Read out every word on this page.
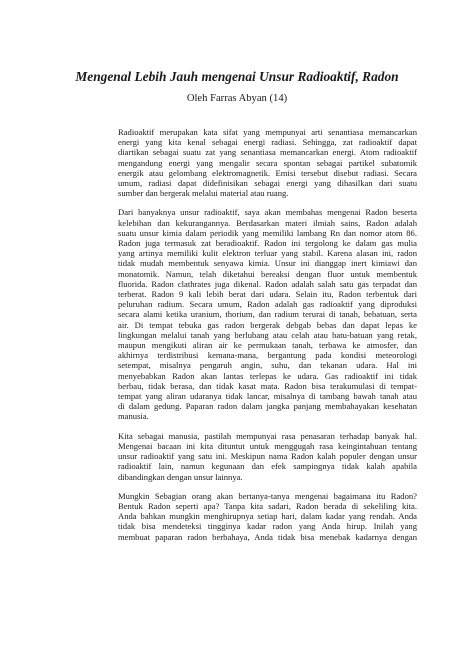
Mengenal Lebih Jauh mengenai Unsur Radioaktif, Radon

Oleh Farras Abyan (14)

Radioaktif merupakan kata sifat yang mempunyai arti senantiasa memancarkan
energi yang kita kenal sebagai energi radiasi. Sehingga, zat radioaktif dapat
diartikan sebagai suatu zat yang senantiasa memancarkan energi. Atom radioaktif
mengandung energi yang mengalir secara spontan sebagai partikel subatomik
energik atau gelombang elektromagnetik. Emisi tersebut disebut radiasi. Secara
umum, radiasi dapat didefinisikan sebagai energi yang dihasilkan dari suatu
sumber dan bergerak melalui material atau ruang.

Dari banyaknya unsur radioaktif, saya akan membahas mengenai Radon beserta
kelebihan dan kekurangannya. Berdasarkan materi ilmiah sains, Radon adalah
suatu unsur kimia dalam periodik yang memiliki lambang Rn dan nomor atom 86.
Radon juga termasuk zat beradioaktif. Radon ini tergolong ke dalam gas mulia
yang artinya memiliki kulit elektron terluar yang stabil. Karena alasan ini, radon
tidak mudah membentuk senyawa kimia. Unsur ini dianggap inert kimiawi dan
monatomik. Namun, telah diketahui bereaksi dengan fluor untuk membentuk
fluorida. Radon clathrates juga dikenal. Radon adalah salah satu gas terpadat dan
terberat. Radon 9 kali lebih berat dari udara. Selain itu, Radon terbentuk dari
peluruhan radium. Secara umum, Radon adalah gas radioaktif yang diproduksi
secara alami ketika uranium, thorium, dan radium terurai di tanah, bebatuan, serta
air. Di tempat tebuka gas radon bergerak debgab bebas dan dapat lepas ke
lingkungan melalui tanah yang berlubang atau celah atau batu-batuan yang retak,
maupun mengikuti aliran air ke permukaan tanah, terbawa ke atmosfer, dan
akhirnya terdistribusi kemana-mana, bergantung pada kondisi meteorologi
setempat, misalnya pengaruh angin, suhu, dan tekanan udara. Hal ini
menyebabkan Radon akan lantas terlepas ke udara. Gas radioaktif ini tidak
berbau, tidak berasa, dan tidak kasat mata. Radon bisa terakumulasi di tempat-
tempat yang aliran udaranya tidak lancar, misalnya di tambang bawah tanah atau
di dalam gedung. Paparan radon dalam jangka panjang membahayakan kesehatan
manusia.

Kita sebagai manusia, pastilah mempunyai rasa penasaran terhadap banyak hal.
Mengenai bacaan ini kita dituntut untuk menggugah rasa keingintahuan tentang
unsur radioaktif yang satu ini. Meskipun nama Radon kalah populer dengan unsur
radioaktif lain, namun kegunaan dan efek sampingnya tidak kalah apabila
dibandingkan dengan unsur lainnya.

Mungkin Sebagian orang akan bertanya-tanya mengenai bagaimana itu Radon?
Bentuk Radon seperti apa? Tanpa kita sadari, Radon berada di sekeliling kita.
Anda bahkan mungkin menghirupnya setiap hari, dalam kadar yang rendah. Anda
tidak bisa mendeteksi tingginya kadar radon yang Anda hirup. Inilah yang
membuat paparan radon berbahaya, Anda tidak bisa menebak kadarnya dengan
